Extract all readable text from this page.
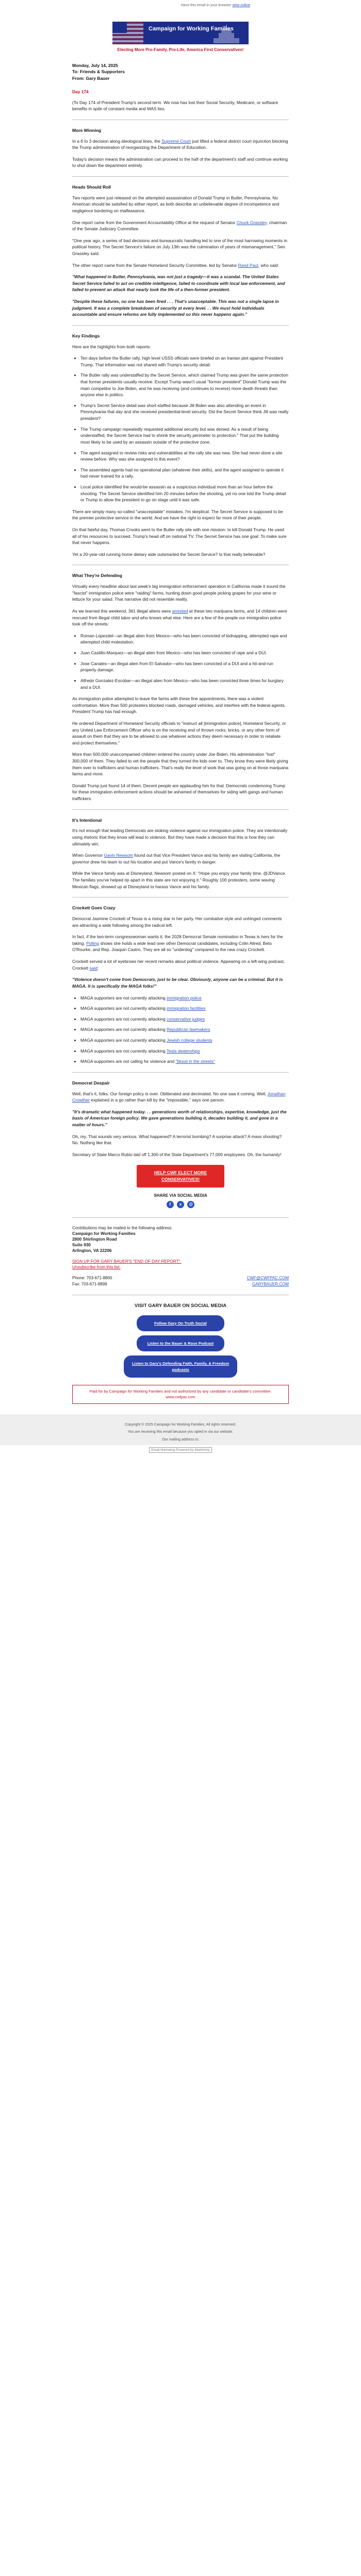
Have this email in your browser view online
Campaign for Working Families
Electing More Pro-Family, Pro-Life, America First Conservatives!
Monday, July 14, 2025
To: Friends & Supporters
From: Gary Bauer
Day 174

(To Day 174 of President Trump's second term. We now has lost their Social Security, Medicare, or software benefits in spite of constant media and MAS lies.

More Winning

In a 6 to 3 decision along ideological lines, the Supreme Court just lifted a federal district court injunction blocking the Trump administration of reorganizing the Department of Education.

Today's decision means the administration can proceed to the half of the department's staff and continue working to shut down the department entirely.

Heads Should Roll

Two reports were just released on the attempted assassination of Donald Trump in Butler, Pennsylvania. No American should be satisfied by either report, as both describe an unbelievable degree of incompetence and negligence bordering on malfeasance.

One report came from the Government Accountability Office at the request of Senator Chuck Grassley, chairman of the Senate Judiciary Committee.

"One year ago, a series of bad decisions and bureaucratic handling led to one of the most harrowing moments in political history. The Secret Service's failure on July 13th was the culmination of years of mismanagement," Sen. Grassley said.

The other report came from the Senate Homeland Security Committee, led by Senator Rand Paul, who said:

"What happened in Butler, Pennsylvania, was not just a tragedy—it was a scandal. The United States Secret Service failed to act on credible intelligence, failed to coordinate with local law enforcement, and failed to prevent an attack that nearly took the life of a then-former president.

"Despite these failures, no one has been fired . . . That's unacceptable. This was not a single lapse in judgment. It was a complete breakdown of security at every level. . . We must hold individuals accountable and ensure reforms are fully implemented so this never happens again."

Key Findings

Here are the highlights from both reports:

• Ten days before the Butler rally, high level USSS officials were briefed on an Iranian plot against President Trump. That information was not shared with Trump's security detail.
• The Butler rally was understaffed by the Secret Service, which claimed Trump was given the same protection that former presidents usually receive. Except Trump wasn't usual "former president" Donald Trump was the main competitor to Joe Biden, and he was receiving (and continues to receive) more death threats than anyone else in politics.
• Trump's Secret Service detail was short-staffed because Jill Biden was also attending an event in Pennsylvania that day and she received presidential-level security. Did the Secret Service think Jill was really president?
• The Trump campaign repeatedly requested additional security but was denied. As a result of being understaffed, the Secret Service had to shrink the security perimeter to protection." That put the building most likely to be used by an assassin outside of the protective zone.
• The agent assigned to review risks and vulnerabilities at the rally site was new. She had never done a site review before. Why was she assigned to this event?
• The assembled agents had no operational plan (whatever their skills), and the agent assigned to operate it had never trained for a rally.
• Local police identified the would-be assassin as a suspicious individual more than an hour before the shooting. The Secret Service identified him 20 minutes before the shooting, yet no one told the Trump detail or Trump to allow the president to go on stage until it was safe.

There are simply many so-called "unacceptable" mistakes. I'm skeptical. The Secret Service is supposed to be the premier protective service in the world. And we have the right to expect far more of their people.

On that fateful day, Thomas Crooks went to the Butler rally site with one mission: to kill Donald Trump. He used all of his resources to succeed. Trump's head off on national TV. The Secret Service has one goal: To make sure that never happens.

Yet a 20-year-old running home dietary aide outsmarted the Secret Service? Is that really believable?

What They're Defending

Virtually every headline about last week's big immigration enforcement operation in California made it sound the "fascist" immigration police were "raiding" farms, hunting down good people picking grapes for your wine or lettuce for your salad. That narrative did not resemble reality.

As we learned this weekend, 361 illegal aliens were arrested at these two marijuana farms, and 14 children were rescued from illegal child labor and who knows what else. Here are a few of the people our immigration police took off the streets:

• Roman Lopezdel—an illegal alien from Mexico—who has been convicted of kidnapping, attempted rape and attempted child molestation.
• Juan Castillo-Marquez—an illegal alien from Mexico—who has been convicted of rape and a DUI.
• Jose Canales—an illegal alien from El Salvador—who has been convicted of a DUI and a hit-and-run property damage.
• Alfredo Gonzalez-Escobar—an illegal alien from Mexico—who has been convicted three times for burglary and a DUI.

As immigration police attempted to leave the farms with these fine appointments, there was a violent confrontation. More than 500 protesters blocked roads, damaged vehicles, and interfere with the federal agents. President Trump has had enough.

He ordered Department of Homeland Security officials to "instruct all [immigration police], Homeland Security, or any United Law Enforcement Officer who is on the receiving end of thrown rocks, bricks, or any other form of assault on them that they are to be allowed to use whatever actions they deem necessary in order to retaliate and protect themselves."

More than 500,000 unaccompanied children entered the country under Joe Biden. His administration "lost" 300,000 of them. They failed to vet the people that they turned the kids over to. They know they were likely giving them over to traffickers and human traffickers. That's really the level of work that was going on at those marijuana farms and more.

Donald Trump just found 14 of them. Decent people are applauding him for that. Democrats condemning Trump for these immigration enforcement actions should be ashamed of themselves for siding with gangs and human traffickers.

It's Intentional

It's not enough that leading Democrats are stoking violence against our immigration police. They are intentionally using rhetoric that they know will lead to violence. But they have made a decision that this is how they can ultimately win.

When Governor Gavin Newsom found out that Vice President Vance and his family are visiting California, the governor drew his team to out his location and put Vance's family in danger.

While the Vance family was at Disneyland, Newsom posted on X: "Hope you enjoy your family time, @JDVance. The families you've helped rip apart in this state are not enjoying it." Roughly 100 protesters, some waving Mexican flags, showed up at Disneyland to harass Vance and his family.

Crockett Goes Crazy

Democrat Jasmine Crockett of Texas is a rising star in her party. Her combative style and unhinged comments are attracting a wide following among the radical left.

In fact, if the two-term congresswoman wants it, the 2028 Democrat Senate nomination in Texas is hers for the taking. Polling shows she holds a wide lead over other Democrat candidates, including Colin Allred, Beto O'Rourke, and Rep. Joaquin Castro. They are all so "underdog" compared to the new crazy Crockett.

Crockett served a lot of eyebrows her recent remarks about political violence. Appearing on a left-wing podcast, Crockett said:

"Violence doesn't come from Democrats, just to be clear. Obviously, anyone can be a criminal. But it is MAGA. It is specifically the MAGA folks!"

• MAGA supporters are not currently attacking immigration police
• MAGA supporters are not currently attacking immigration facilities
• MAGA supporters are not currently attacking conservative judges
• MAGA supporters are not currently attacking Republican lawmakers
• MAGA supporters are not currently attacking Jewish college students
• MAGA supporters are not currently attacking Tesla dealerships
• MAGA supporters are not calling for violence and "blood in the streets"
Democrat Despair

Well, that's it, folks. Our foreign policy is over. Obliterated and decimated. No one saw it coming. Well, Jonathan Crowther explained in a go rather than kill by the "impossible," says one person.

"It's dramatic what happened today. . . generations worth of relationships, expertise, knowledge, just the basis of American foreign policy. We gave generations building it, decades building it, and gone in a matter of hours."

Oh, my. That sounds very serious. What happened? A terrorist bombing? A surprise attack? A mass shooting? No. Nothing like that.

Secretary of State Marco Rubio laid off 1,300 of the State Department's 77,000 employees. Oh, the humanity!

HELP CWF ELECT MORE CONSERVATIVES!
SHARE VIA SOCIAL MEDIA
f x @
Contributions may be mailed to the following address:
Campaign for Working Families
2800 Shirlington Road
Suite 930
Arlington, VA 22206
SIGN UP FOR GARY BAUER'S "END OF DAY REPORT".
Unsubscribe from this list.
Phone: 703-671-8800
Fax: 703-671-8899
CWF@CWFPAC.COM
GARYBAUER.COM
VISIT GARY BAUER ON SOCIAL MEDIA
Follow Gary On Truth Social
Listen to the Bauer & Rose Podcast
Listen to Gary's Defending Faith, Family, & Freedom podcasts
Paid for by Campaign for Working Families and not authorized by any candidate or candidate's committee. www.cwfpac.com
Copyright © 2025 Campaign for Working Families, All rights reserved.
You are receiving this email because you opted in via our website.
Our mailing address is:
Email Marketing Powered by Mailchimp
